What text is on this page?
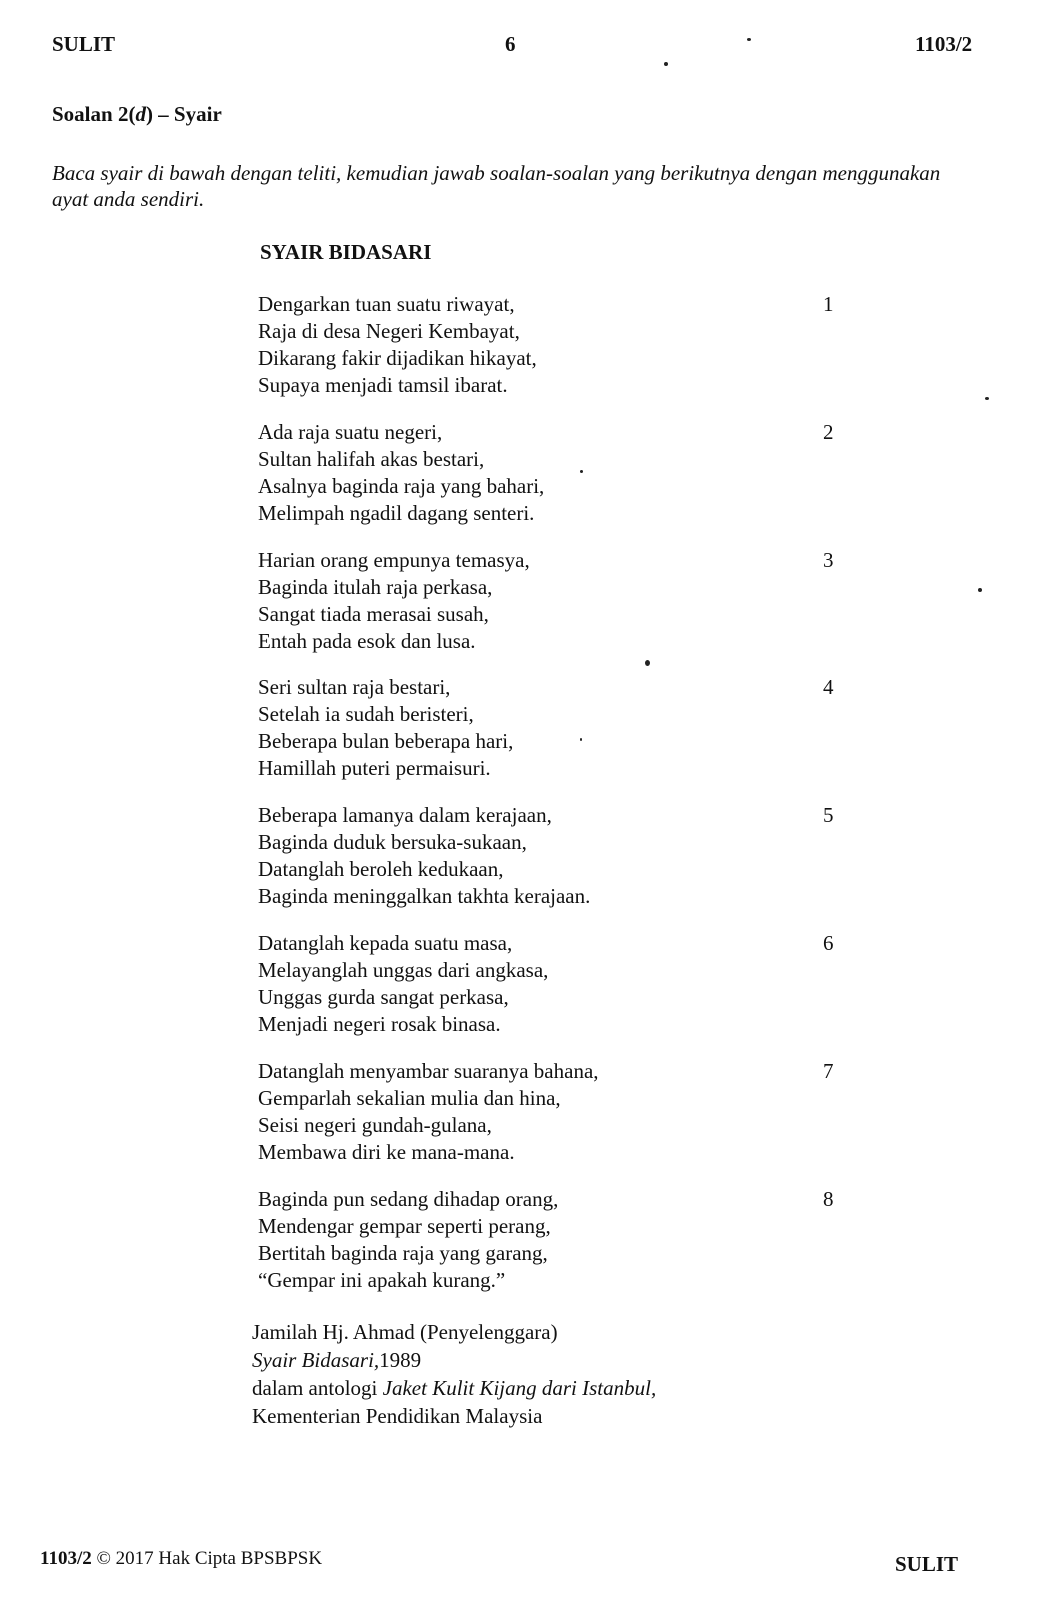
SULIT	6	1103/2
Soalan 2(d) – Syair
Baca syair di bawah dengan teliti, kemudian jawab soalan-soalan yang berikutnya dengan menggunakan ayat anda sendiri.
SYAIR BIDASARI
Dengarkan tuan suatu riwayat,
Raja di desa Negeri Kembayat,
Dikarang fakir dijadikan hikayat,
Supaya menjadi tamsil ibarat.
1
Ada raja suatu negeri,
Sultan halifah akas bestari,
Asalnya baginda raja yang bahari,
Melimpah ngadil dagang senteri.
2
Harian orang empunya temasya,
Baginda itulah raja perkasa,
Sangat tiada merasai susah,
Entah pada esok dan lusa.
3
Seri sultan raja bestari,
Setelah ia sudah beristeri,
Beberapa bulan beberapa hari,
Hamillah puteri permaisuri.
4
Beberapa lamanya dalam kerajaan,
Baginda duduk bersuka-sukaan,
Datanglah beroleh kedukaan,
Baginda meninggalkan takhta kerajaan.
5
Datanglah kepada suatu masa,
Melayanglah unggas dari angkasa,
Unggas gurda sangat perkasa,
Menjadi negeri rosak binasa.
6
Datanglah menyambar suaranya bahana,
Gemparlah sekalian mulia dan hina,
Seisi negeri gundah-gulana,
Membawa diri ke mana-mana.
7
Baginda pun sedang dihadap orang,
Mendengar gempar seperti perang,
Bertitah baginda raja yang garang,
“Gempar ini apakah kurang.”
8
Jamilah Hj. Ahmad (Penyelenggara)
Syair Bidasari,1989
dalam antologi Jaket Kulit Kijang dari Istanbul,
Kementerian Pendidikan Malaysia
1103/2 © 2017 Hak Cipta BPSBPSK	SULIT
